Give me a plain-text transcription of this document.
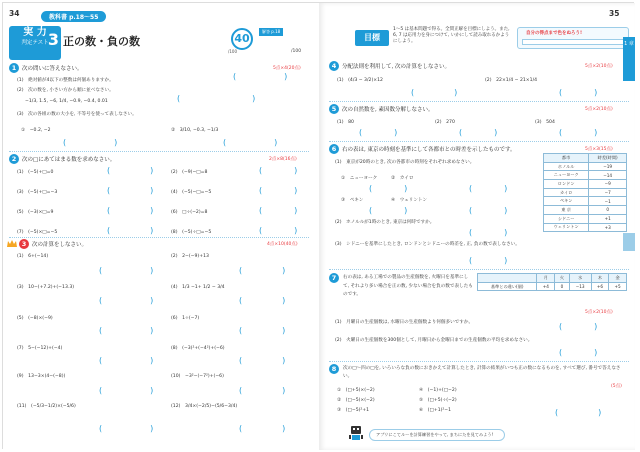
34	教科書 p.18〜55
実 力
判定テスト 3 正の数・負の数	40
/100
解答 p.18
/100
1	次の問いに答えなさい。	5点×4(20点)
(1)　絶対値が4以下の整数は何個ありますか。
(2)　次の数を, 小さい方から順に並べなさい。
−1/3, 1.5, −6, 1/4, −0.9, −0.4, 0.01
(3)　次の各組の数の大小を, 不等号を使って表しなさい。
①　−0.2, −2	②　3/10, −0.3, −1/3
(　　　　　　)
(　　　　　　　　　)
(　　　　　　)	(　　　　　　)
2	次の□にあてはまる数を求めなさい。	2点×8(16点)
(1)　(−5)+□=0	(2)　(−9)−□=8
(3)　(−5)+□=−3	(4)　(−5)−□=−5
(5)　(−3)×□=9	(6)　□÷(−2)=8
(7)　(−5)×□=−5	(8)　(−5)÷□=−5
(　　　　　)	(　　　　)
(　　　　　)	(　　　　)
(　　　　　)	(　　　　)
(　　　　　)	(　　　　)
3	次の計算をしなさい。	4点×10(40点)
(1)　6+(−14)	(2)　2−(−9)+13
(3)　10−(+7.2)+(−13.3)	(4)　1/3 −1+ 1/2 − 3/4
(5)　(−8)×(−9)	(6)　1÷(−7)
(7)　5−(−12)+(−4)	(8)　(−3)²+(−4²)+(−6)
(9)　13−3×(4−(−8))	(10)　−3²−(−7²)+(−6)
(11)　(−5/3−1/2)×(−5/6)	(12)　3/4×(−2/5)−(5/6−3/4)
(　　　　　　)	(　　　　　)
(　　　　　　)	(　　　　　)
(　　　　　　)	(　　　　　)
(　　　　　　)	(　　　　　)
(　　　　　　)	(　　　　　)
(　　　　　　)	(　　　　　)
35
目標
1〜5 は基本問題で得る。全問正解を目標にしよう。また, 6, 7 は応用力を身につけて, いかにして読み取れるかようにしよう。
自分の得点まで色をぬろう!
4	分配法則を利用して, 次の計算をしなさい。	5点×2(10点)
(1)　(4/3 − 3/2)×12	(2)　22×1/4 − 21×1/4
(　　　　　)	(　　　　)
5	次の自然数を, 素因数分解しなさい。	5点×2(10点)
(1)　80	(2)　270	(3)　504
(　　　　)	(　　　　)	(　　　　)
6	右の表は, 東京の時刻を基準にして各都市との時差を示したものです。	5点×3(15点)
(1)　東京が20時のとき, 次の各都市の時刻をそれぞれ求めなさい。
①　ニューヨーク　　　②　カイロ
③　ペキン　　　　　　④　ウェリントン
(2)　ホノルルが1時のとき, 東京は何時ですか。
(3)　シドニーを基準にしたとき, ロンドンとシドニーの時差を, 正, 負の数で表しなさい。
(　　　　)	(　　　　)
(　　　　)	(　　　　)
(　　　　)
(　　　　)
都市	時差(時間)
ホノルル	−19
ニューヨーク	−14
ロンドン	−9
カイロ	−7
ペキン	−1
東 京	0
シドニー	+1
ウェリントン	+3
7	右の表は, ある工場での製品の生産個数を, 火曜日を基準にして, それより多い場合を正の数, 少ない場合を負の数で表したものです。
	月	火	水	木	金
基準との違い(個)	+4	0	−13	+6	+5
5点×2(10点)
(1)　月曜日の生産個数は, 水曜日の生産個数より何個多いですか。
(2)　火曜日の生産個数を300個として, 月曜日から金曜日までの生産個数の平均を求めなさい。
(　　　　)
(　　　　)
8	次の□〜四の□を, いろいろな負の数におきかえて計算したとき, 計算の結果がいつも正の数になるものを, すべて選び, 番号で答えなさい。
(5点)
①　(□+5)×(−2)	④　(−1)+(□−2)
②　(□−5)×(−2)	⑤　(□+5)÷(−2)
③　(□−5)²+1	⑥　(□+1)²−1	(　　　　　)
アプリにこてルーを計算練習をやって, まちにたを見てみよう!
1 章
